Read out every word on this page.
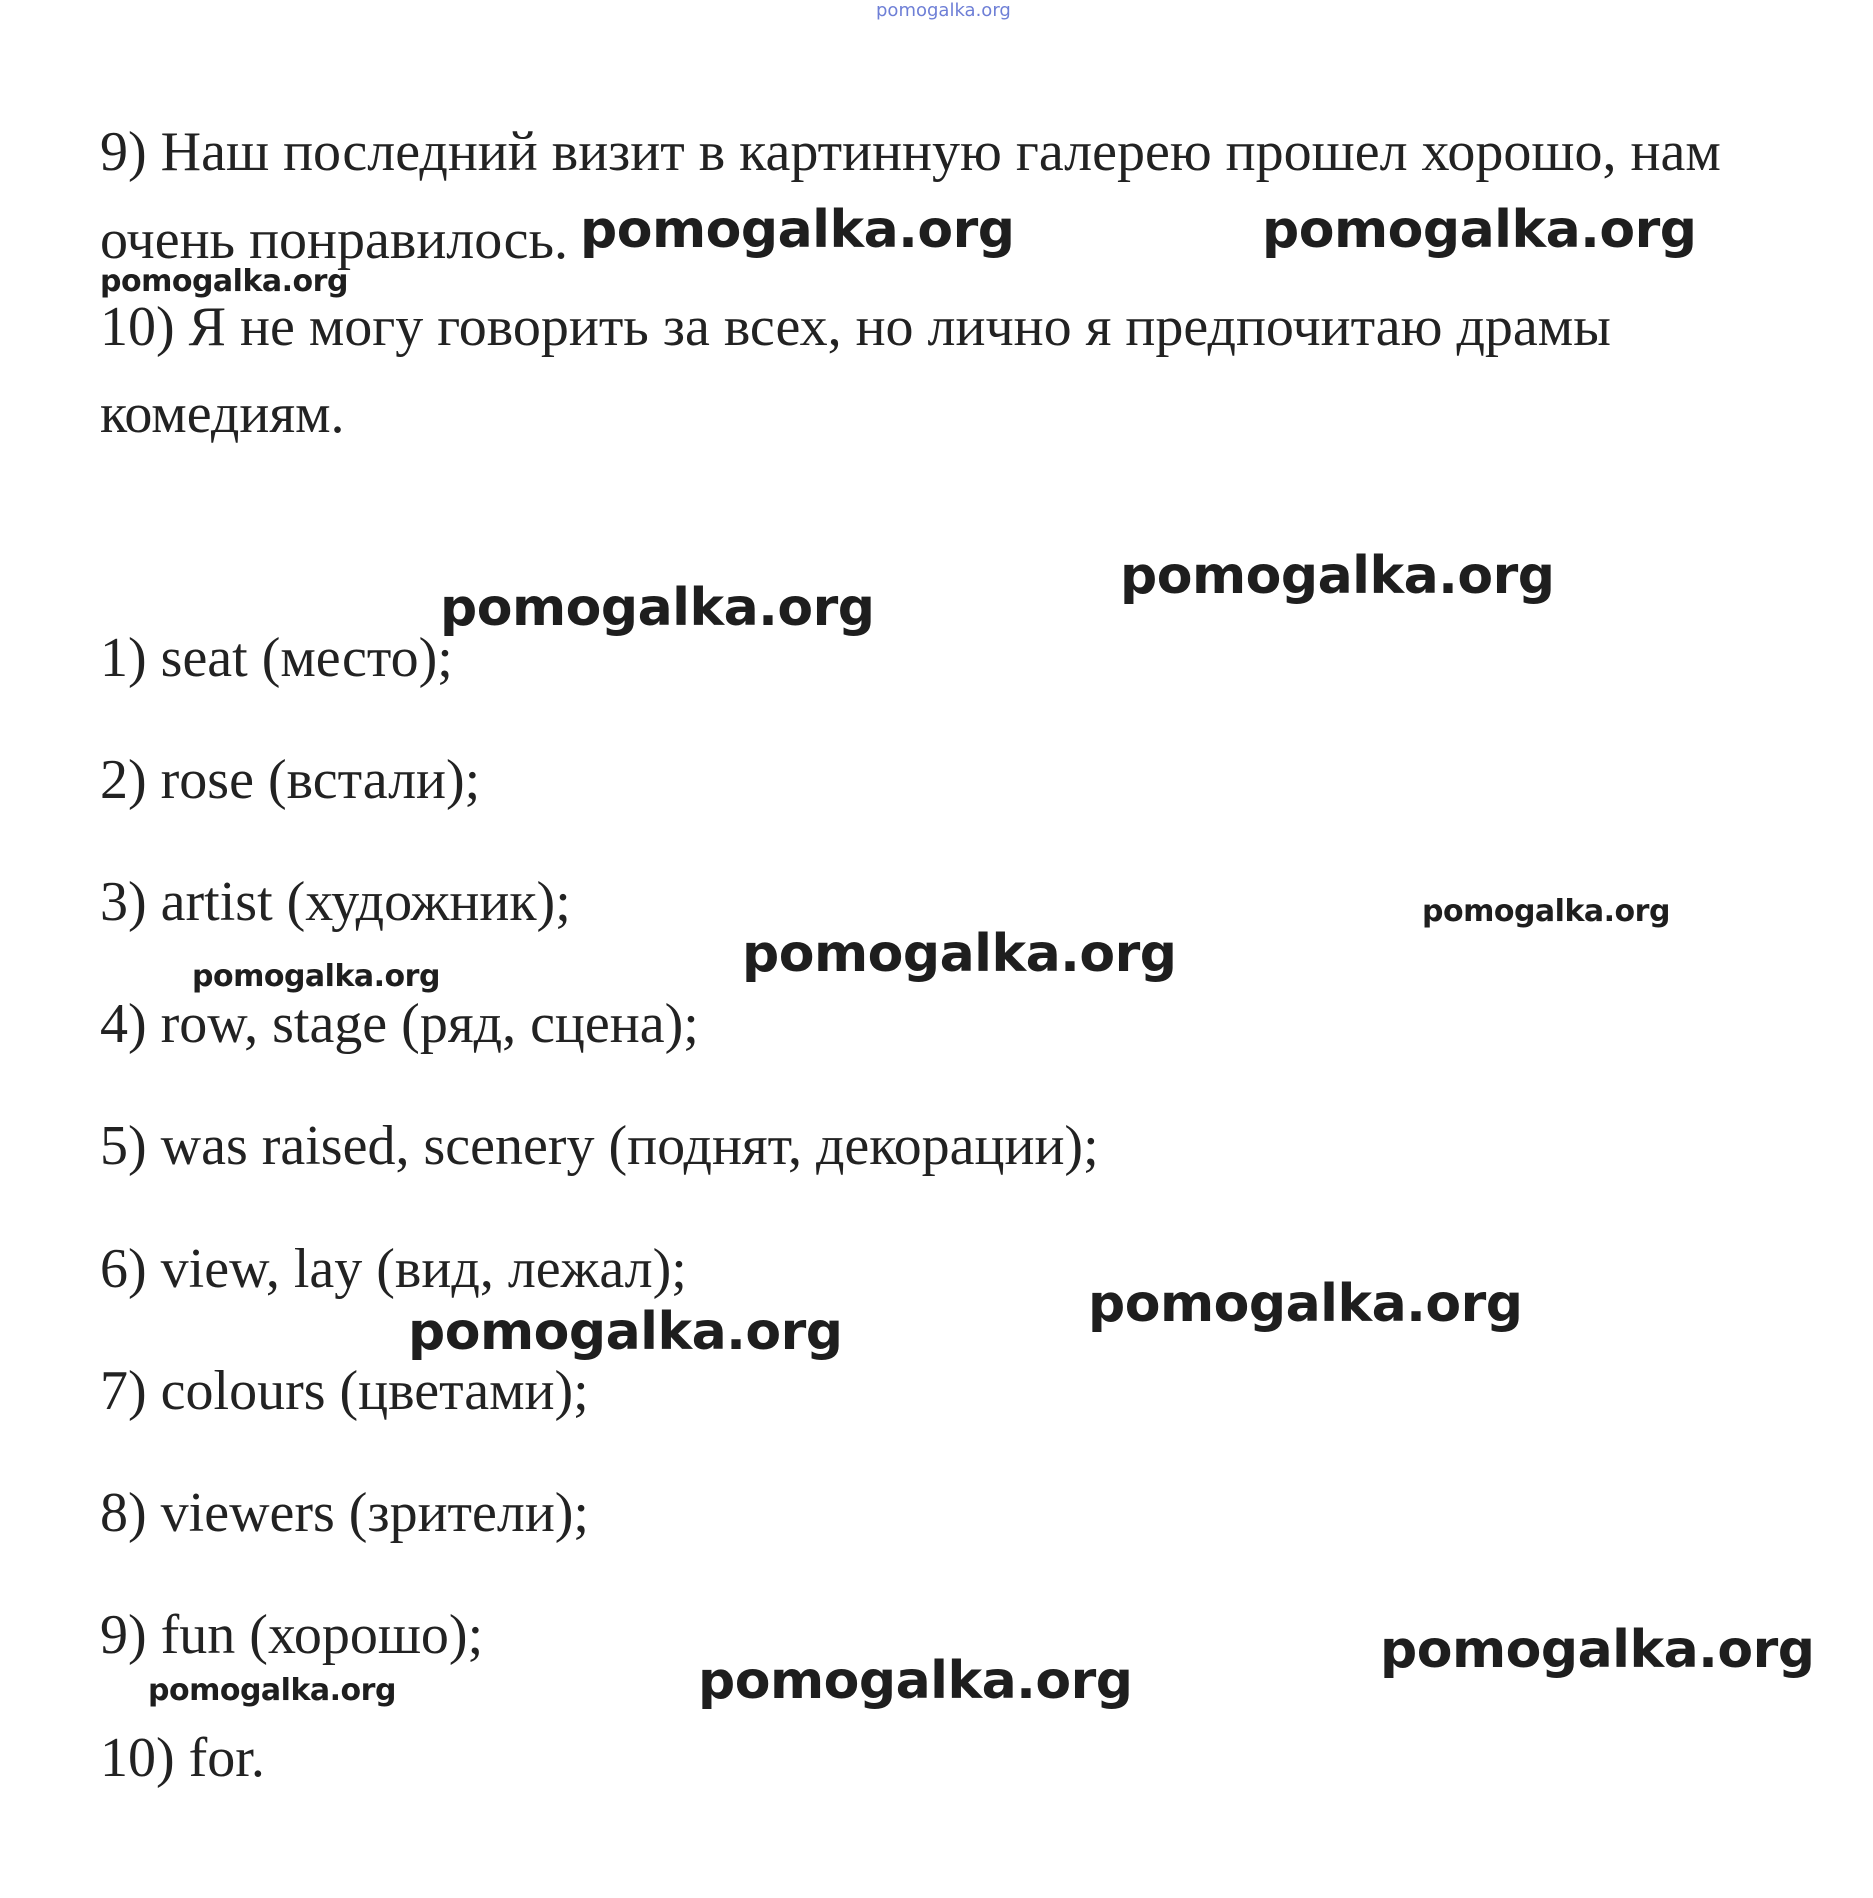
pomogalka.org

9) Наш последний визит в картинную галерею прошел хорошо, нам

очень понравилось.

10) Я не могу говорить за всех, но лично я предпочитаю драмы

комедиям.

1) seat (место);

2) rose (встали);

3) artist (художник);

4) row, stage (ряд, сцена);

5) was raised, scenery (поднят, декорации);

6) view, lay (вид, лежал);

7) colours (цветами);

8) viewers (зрители);

9) fun (хорошо);

10) for.

pomogalka.org	pomogalka.org
pomogalka.org
pomogalka.org
pomogalka.org
pomogalka.org
pomogalka.org
pomogalka.org
pomogalka.org
pomogalka.org
pomogalka.org
pomogalka.org
pomogalka.org
